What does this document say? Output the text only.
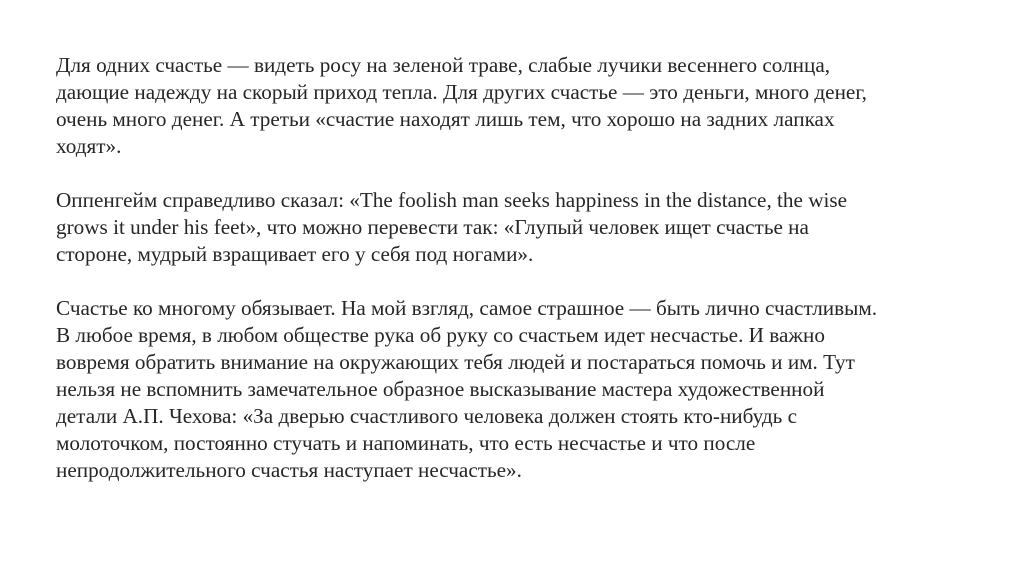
Для одних счастье — видеть росу на зеленой траве, слабые лучики весеннего солнца,
дающие надежду на скорый приход тепла. Для других счастье — это деньги, много денег,
очень много денег. А третьи «счастие находят лишь тем, что хорошо на задних лапках
ходят».

Оппенгейм справедливо сказал: «The foolish man seeks happiness in the distance, the wise
grows it under his feet», что можно перевести так: «Глупый человек ищет счастье на
стороне, мудрый взращивает его у себя под ногами».

Счастье ко многому обязывает. На мой взгляд, самое страшное — быть лично счастливым.
В любое время, в любом обществе рука об руку со счастьем идет несчастье. И важно
вовремя обратить внимание на окружающих тебя людей и постараться помочь и им. Тут
нельзя не вспомнить замечательное образное высказывание мастера художественной
детали А.П. Чехова: «За дверью счастливого человека должен стоять кто-нибудь с
молоточком, постоянно стучать и напоминать, что есть несчастье и что после
непродолжительного счастья наступает несчастье».
